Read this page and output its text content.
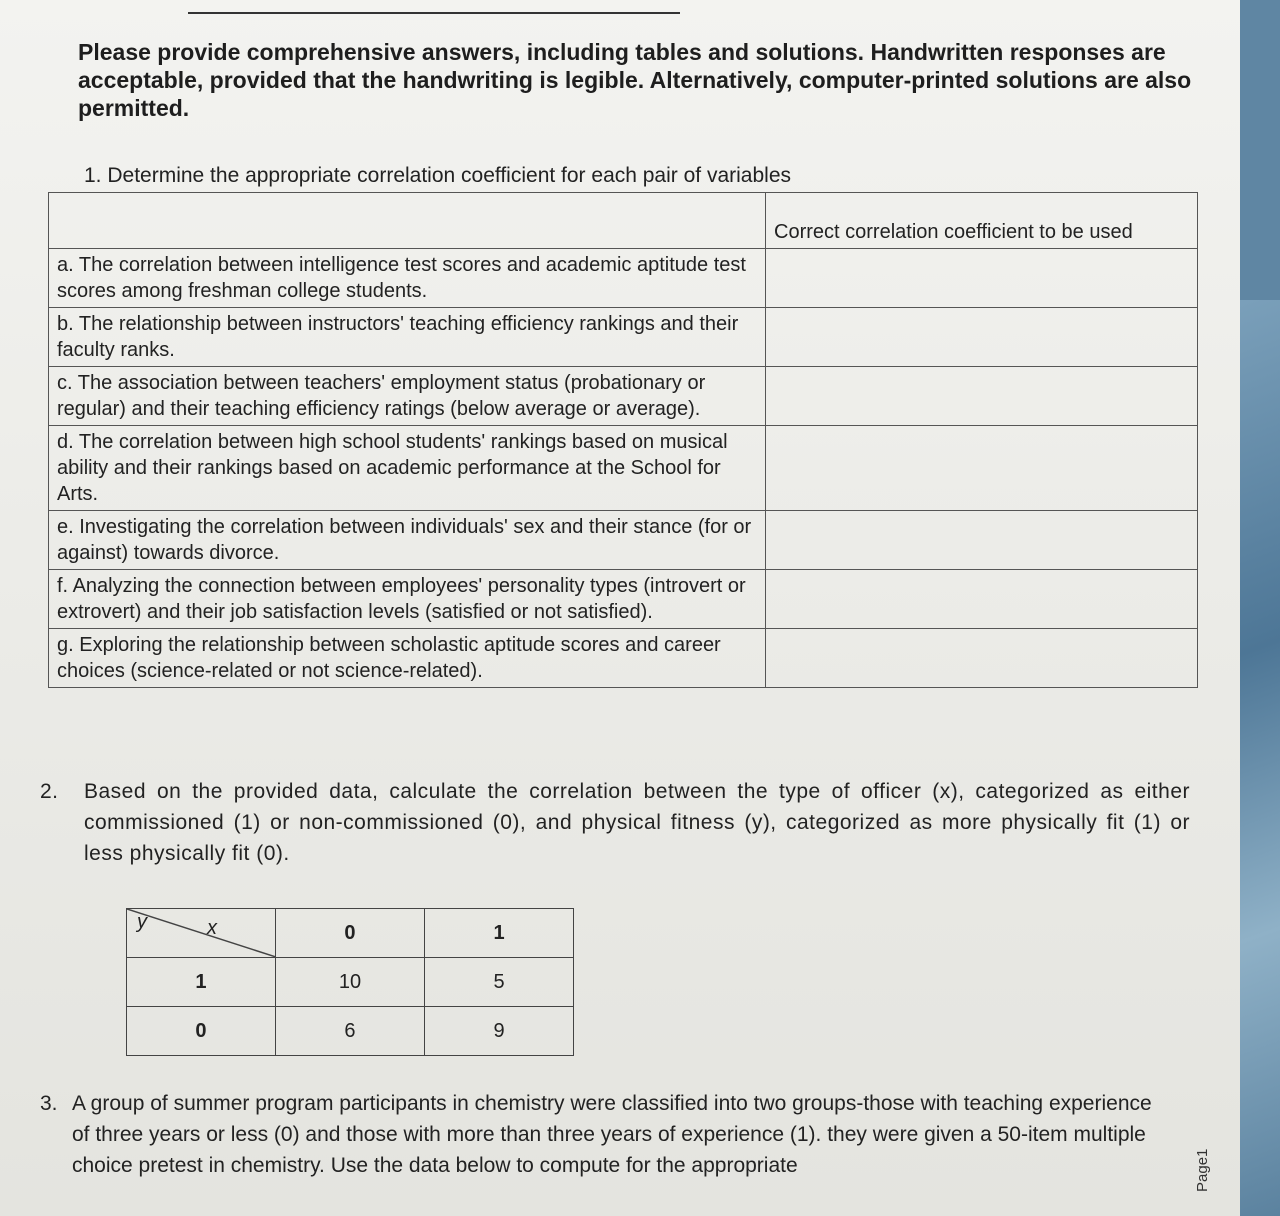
Please provide comprehensive answers, including tables and solutions. Handwritten responses are acceptable, provided that the handwriting is legible. Alternatively, computer-printed solutions are also permitted.
1. Determine the appropriate correlation coefficient for each pair of variables
	Correct correlation coefficient to be used
a. The correlation between intelligence test scores and academic aptitude test scores among freshman college students.	
b. The relationship between instructors' teaching efficiency rankings and their faculty ranks.	
c. The association between teachers' employment status (probationary or regular) and their teaching efficiency ratings (below average or average).	
d. The correlation between high school students' rankings based on musical ability and their rankings based on academic performance at the School for Arts.	
e. Investigating the correlation between individuals' sex and their stance (for or against) towards divorce.	
f. Analyzing the connection between employees' personality types (introvert or extrovert) and their job satisfaction levels (satisfied or not satisfied).	
g. Exploring the relationship between scholastic aptitude scores and career choices (science-related or not science-related).	
2. Based on the provided data, calculate the correlation between the type of officer (x), categorized as either commissioned (1) or non-commissioned (0), and physical fitness (y), categorized as more physically fit (1) or less physically fit (0).
y x	0	1
1	10	5
0	6	9
3. A group of summer program participants in chemistry were classified into two groups-those with teaching experience of three years or less (0) and those with more than three years of experience (1). they were given a 50-item multiple choice pretest in chemistry. Use the data below to compute for the appropriate	Page1
